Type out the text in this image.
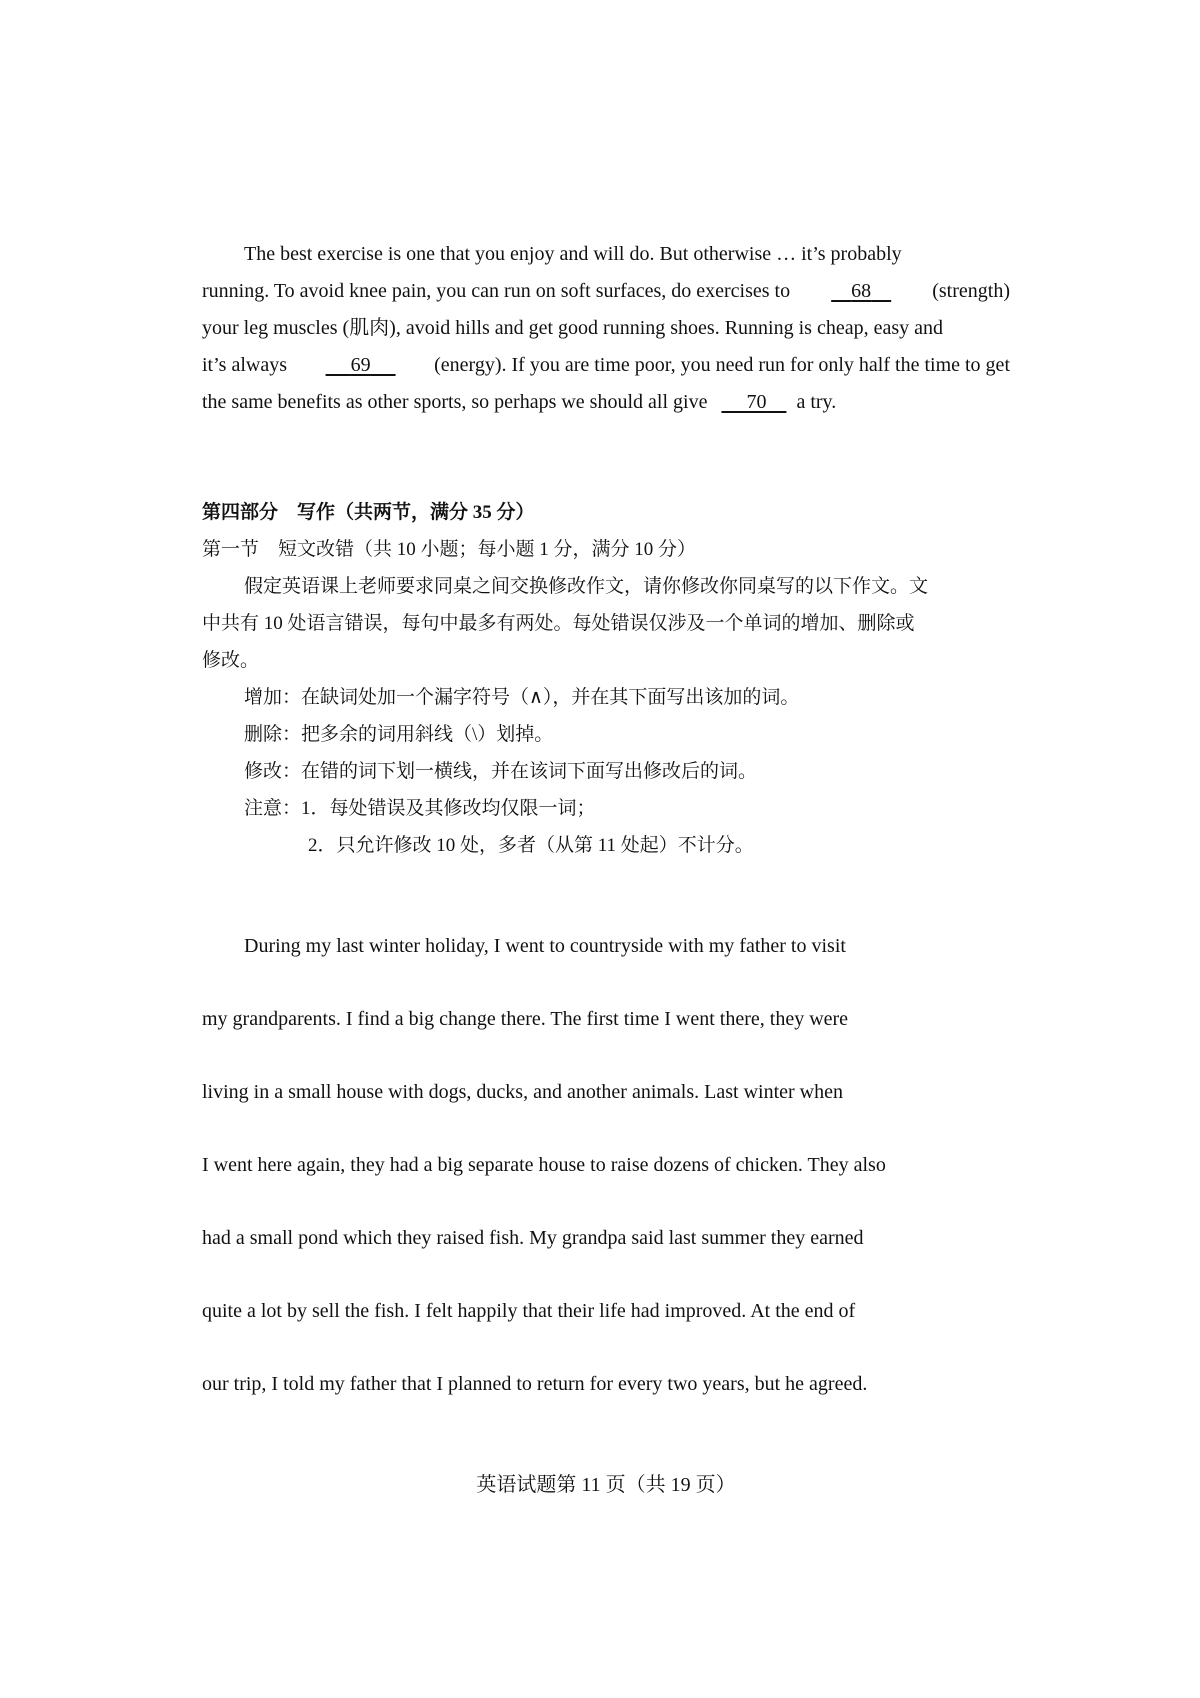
The best exercise is one that you enjoy and will do. But otherwise … it’s probably
running. To avoid knee pain, you can run on soft surfaces, do exercises to	68	(strength)
your leg muscles (肌肉), avoid hills and get good running shoes. Running is cheap, easy and
it’s always	69	(energy). If you are time poor, you need run for only half the time to get
the same benefits as other sports, so perhaps we should all give	70	a try.
第四部分　写作（共两节，满分 35 分）
第一节　短文改错（共 10 小题；每小题 1 分，满分 10 分）
假定英语课上老师要求同桌之间交换修改作文，请你修改你同桌写的以下作文。文
中共有 10 处语言错误，每句中最多有两处。每处错误仅涉及一个单词的增加、删除或
修改。
增加：在缺词处加一个漏字符号（∧），并在其下面写出该加的词。
删除：把多余的词用斜线（\）划掉。
修改：在错的词下划一横线，并在该词下面写出修改后的词。
注意：1．每处错误及其修改均仅限一词；
2．只允许修改 10 处，多者（从第 11 处起）不计分。
During my last winter holiday, I went to countryside with my father to visit
my grandparents. I find a big change there. The first time I went there, they were
living in a small house with dogs, ducks, and another animals. Last winter when
I went here again, they had a big separate house to raise dozens of chicken. They also
had a small pond which they raised fish. My grandpa said last summer they earned
quite a lot by sell the fish. I felt happily that their life had improved. At the end of
our trip, I told my father that I planned to return for every two years, but he agreed.
英语试题第 11 页（共 19 页）
